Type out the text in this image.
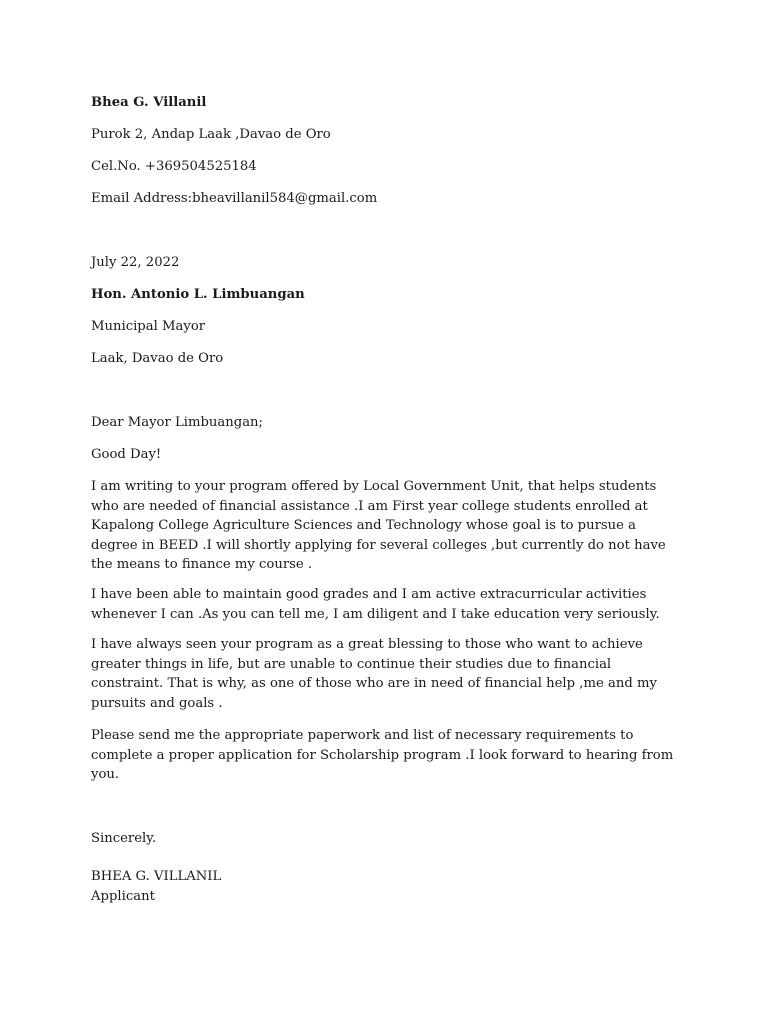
Bhea G. Villanil
Purok 2, Andap Laak ,Davao de Oro
Cel.No. +369504525184
Email Address:bheavillanil584@gmail.com
July 22, 2022
Hon. Antonio L. Limbuangan
Municipal Mayor
Laak, Davao de Oro
Dear Mayor Limbuangan;
Good Day!
I am writing to your program offered by Local Government Unit, that helps students
who are needed of financial assistance .I am First year college students enrolled at
Kapalong College Agriculture Sciences and Technology whose goal is to pursue a
degree in BEED .I will shortly applying for several colleges ,but currently do not have
the means to finance my course .
I have been able to maintain good grades and I am active extracurricular activities
whenever I can .As you can tell me, I am diligent and I take education very seriously.
I have always seen your program as a great blessing to those who want to achieve
greater things in life, but are unable to continue their studies due to financial
constraint. That is why, as one of those who are in need of financial help ,me and my
pursuits and goals .
Please send me the appropriate paperwork and list of necessary requirements to
complete a proper application for Scholarship program .I look forward to hearing from
you.
Sincerely.
BHEA G. VILLANIL
Applicant
